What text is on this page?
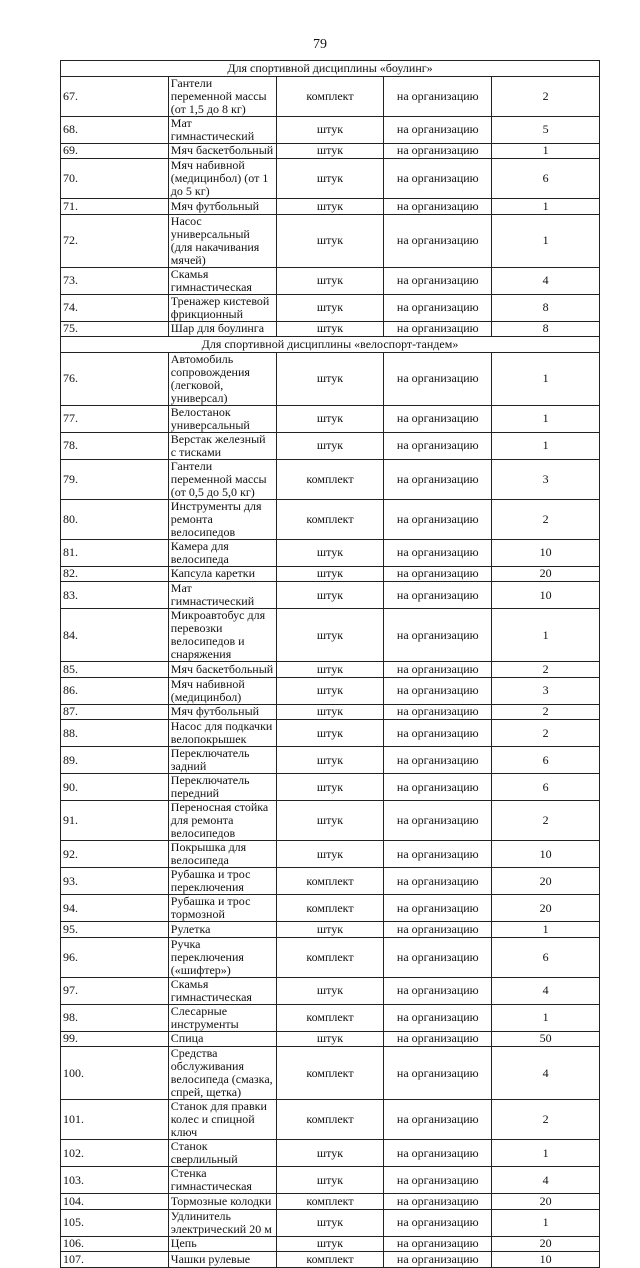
79
Для спортивной дисциплины «боулинг»				
67.	Гантели переменной массы (от 1,5 до 8 кг)	комплект	на организацию	2
68.	Мат гимнастический	штук	на организацию	5
69.	Мяч баскетбольный	штук	на организацию	1
70.	Мяч набивной (медицинбол) (от 1 до 5 кг)	штук	на организацию	6
71.	Мяч футбольный	штук	на организацию	1
72.	Насос универсальный (для накачивания мячей)	штук	на организацию	1
73.	Скамья гимнастическая	штук	на организацию	4
74.	Тренажер кистевой фрикционный	штук	на организацию	8
75.	Шар для боулинга	штук	на организацию	8
Для спортивной дисциплины «велоспорт-тандем»				
76.	Автомобиль сопровождения (легковой, универсал)	штук	на организацию	1
77.	Велостанок универсальный	штук	на организацию	1
78.	Верстак железный с тисками	штук	на организацию	1
79.	Гантели переменной массы (от 0,5 до 5,0 кг)	комплект	на организацию	3
80.	Инструменты для ремонта велосипедов	комплект	на организацию	2
81.	Камера для велосипеда	штук	на организацию	10
82.	Капсула каретки	штук	на организацию	20
83.	Мат гимнастический	штук	на организацию	10
84.	Микроавтобус для перевозки велосипедов и снаряжения	штук	на организацию	1
85.	Мяч баскетбольный	штук	на организацию	2
86.	Мяч набивной (медицинбол)	штук	на организацию	3
87.	Мяч футбольный	штук	на организацию	2
88.	Насос для подкачки велопокрышек	штук	на организацию	2
89.	Переключатель задний	штук	на организацию	6
90.	Переключатель передний	штук	на организацию	6
91.	Переносная стойка для ремонта велосипедов	штук	на организацию	2
92.	Покрышка для велосипеда	штук	на организацию	10
93.	Рубашка и трос переключения	комплект	на организацию	20
94.	Рубашка и трос тормозной	комплект	на организацию	20
95.	Рулетка	штук	на организацию	1
96.	Ручка переключения («шифтер»)	комплект	на организацию	6
97.	Скамья гимнастическая	штук	на организацию	4
98.	Слесарные инструменты	комплект	на организацию	1
99.	Спица	штук	на организацию	50
100.	Средства обслуживания велосипеда (смазка, спрей, щетка)	комплект	на организацию	4
101.	Станок для правки колес и спицной ключ	комплект	на организацию	2
102.	Станок сверлильный	штук	на организацию	1
103.	Стенка гимнастическая	штук	на организацию	4
104.	Тормозные колодки	комплект	на организацию	20
105.	Удлинитель электрический 20 м	штук	на организацию	1
106.	Цепь	штук	на организацию	20
107.	Чашки рулевые	комплект	на организацию	10
